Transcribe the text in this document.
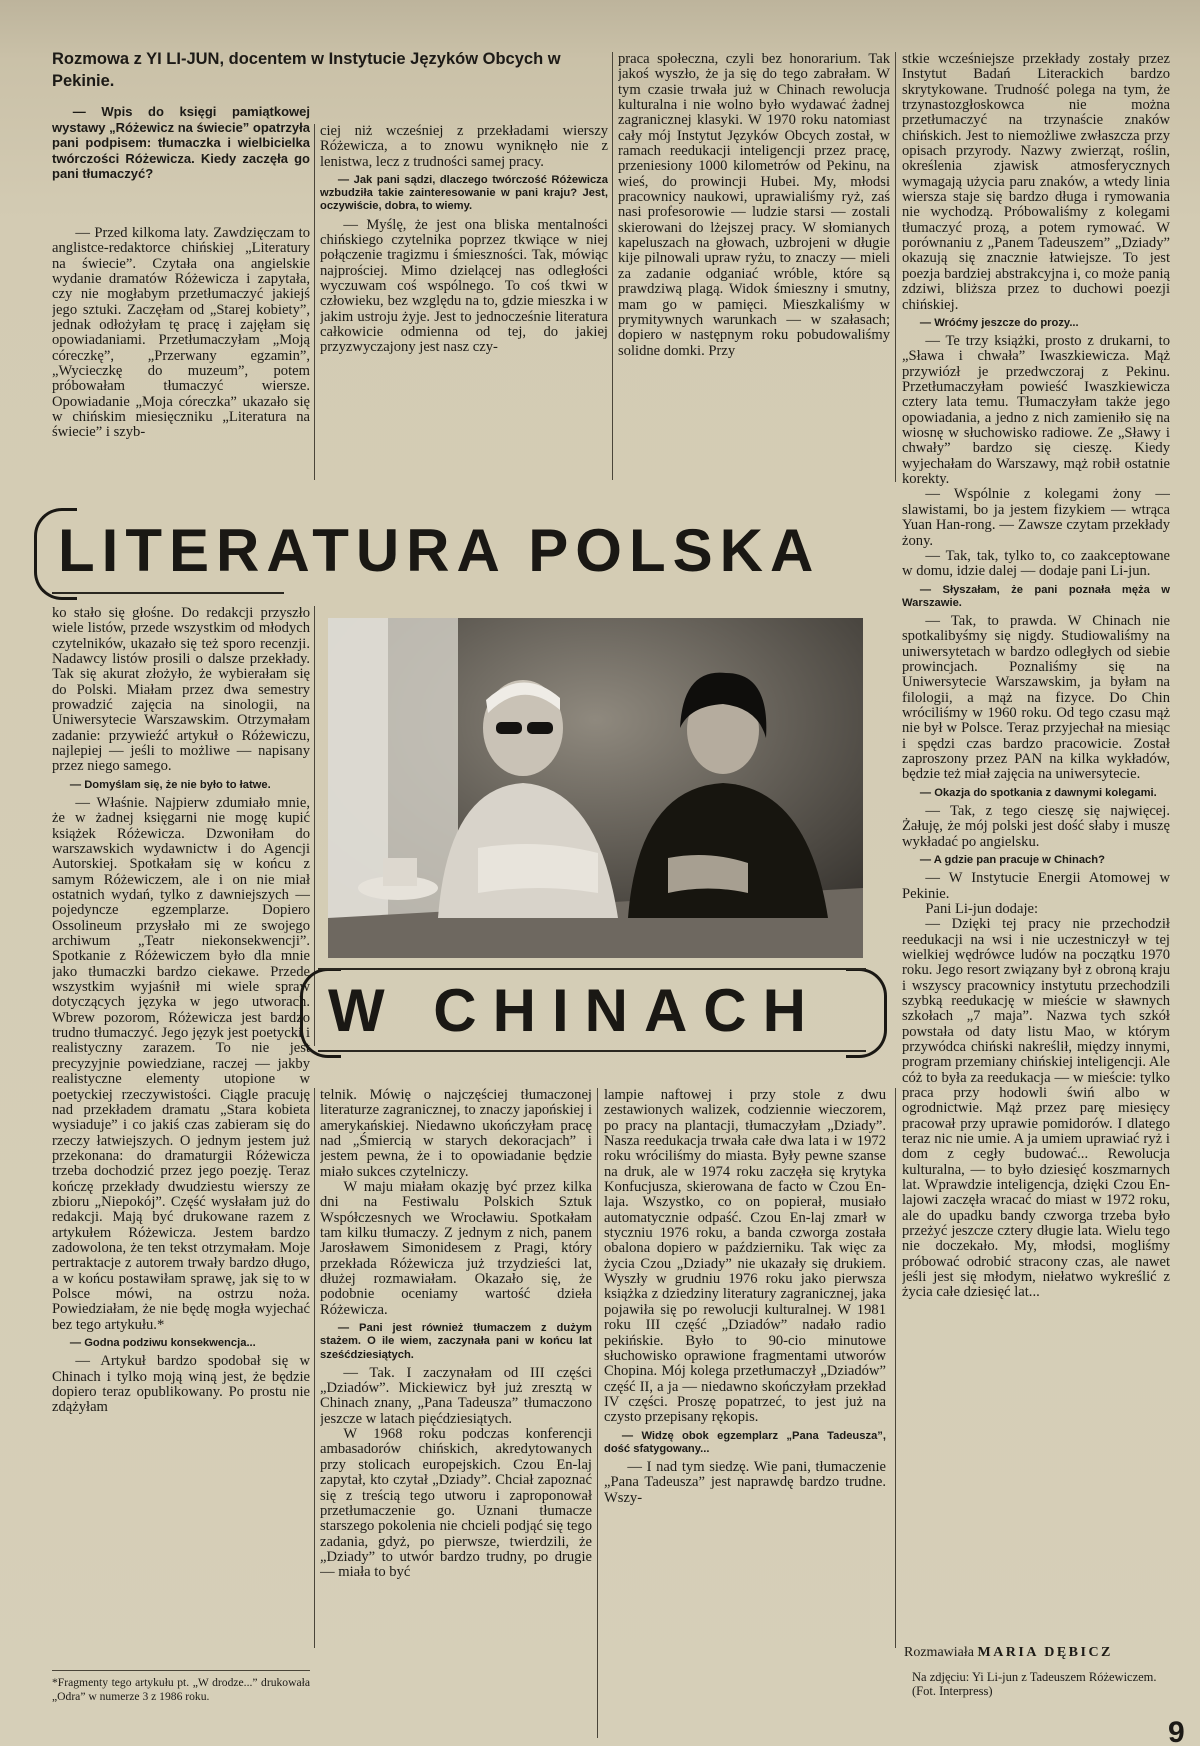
Rozmowa z YI LI-JUN, docentem w Instytucie Języków Obcych w Pekinie.

— Wpis do księgi pamiątkowej wystawy „Różewicz na świecie” opatrzyła pani podpisem: tłumaczka i wielbicielka twórczości Różewicza. Kiedy zaczęła go pani tłumaczyć?

— Przed kilkoma laty. Zawdzięczam to anglistce-redaktorce chińskiej „Literatury na świecie”. Czytała ona angielskie wydanie dramatów Różewicza i zapytała, czy nie mogłabym przetłumaczyć jakiejś jego sztuki. Zaczęłam od „Starej kobiety”, jednak odłożyłam tę pracę i zajęłam się opowiadaniami. Przetłumaczyłam „Moją córeczkę”, „Przerwany egzamin”, „Wycieczkę do muzeum”, potem próbowałam tłumaczyć wiersze. Opowiadanie „Moja córeczka” ukazało się w chińskim miesięczniku „Literatura na świecie” i szyb-

ciej niż wcześniej z przekładami wierszy Różewicza, a to znowu wyniknęło nie z lenistwa, lecz z trudności samej pracy.

— Jak pani sądzi, dlaczego twórczość Różewicza wzbudziła takie zainteresowanie w pani kraju? Jest, oczywiście, dobra, to wiemy.

— Myślę, że jest ona bliska mentalności chińskiego czytelnika poprzez tkwiące w niej połączenie tragizmu i śmieszności. Tak, mówiąc najprościej. Mimo dzielącej nas odległości wyczuwam coś wspólnego. To coś tkwi w człowieku, bez względu na to, gdzie mieszka i w jakim ustroju żyje. Jest to jednocześnie literatura całkowicie odmienna od tej, do jakiej przyzwyczajony jest nasz czy-

praca społeczna, czyli bez honorarium. Tak jakoś wyszło, że ja się do tego zabrałam. W tym czasie trwała już w Chinach rewolucja kulturalna i nie wolno było wydawać żadnej zagranicznej klasyki. W 1970 roku natomiast cały mój Instytut Języków Obcych został, w ramach reedukacji inteligencji przez pracę, przeniesiony 1000 kilometrów od Pekinu, na wieś, do prowincji Hubei. My, młodsi pracownicy naukowi, uprawialiśmy ryż, zaś nasi profesorowie — ludzie starsi — zostali skierowani do lżejszej pracy. W słomianych kapeluszach na głowach, uzbrojeni w długie kije pilnowali upraw ryżu, to znaczy — mieli za zadanie odganiać wróble, które są prawdziwą plagą. Widok śmieszny i smutny, mam go w pamięci. Mieszkaliśmy w prymitywnych warunkach — w szałasach; dopiero w następnym roku pobudowaliśmy solidne domki. Przy

stkie wcześniejsze przekłady zostały przez Instytut Badań Literackich bardzo skrytykowane. Trudność polega na tym, że trzynastozgłoskowca nie można przetłumaczyć na trzynaście znaków chińskich. Jest to niemożliwe zwłaszcza przy opisach przyrody. Nazwy zwierząt, roślin, określenia zjawisk atmosferycznych wymagają użycia paru znaków, a wtedy linia wiersza staje się bardzo długa i rymowania nie wychodzą. Próbowaliśmy z kolegami tłumaczyć prozą, a potem rymować. W porównaniu z „Panem Tadeuszem” „Dziady” okazują się znacznie łatwiejsze. To jest poezja bardziej abstrakcyjna i, co może panią zdziwi, bliższa przez to duchowi poezji chińskiej.

— Wróćmy jeszcze do prozy...

— Te trzy książki, prosto z drukarni, to „Sława i chwała” Iwaszkiewicza. Mąż przywiózł je przedwczoraj z Pekinu. Przetłumaczyłam powieść Iwaszkiewicza cztery lata temu. Tłumaczyłam także jego opowiadania, a jedno z nich zamieniło się na wiosnę w słuchowisko radiowe. Ze „Sławy i chwały” bardzo się cieszę. Kiedy wyjechałam do Warszawy, mąż robił ostatnie korekty.

— Wspólnie z kolegami żony — slawistami, bo ja jestem fizykiem — wtrąca Yuan Han-rong. — Zawsze czytam przekłady żony.

— Tak, tak, tylko to, co zaakceptowane w domu, idzie dalej — dodaje pani Li-jun.

— Słyszałam, że pani poznała męża w Warszawie.

— Tak, to prawda. W Chinach nie spotkalibyśmy się nigdy. Studiowaliśmy na uniwersytetach w bardzo odległych od siebie prowincjach. Poznaliśmy się na Uniwersytecie Warszawskim, ja byłam na filologii, a mąż na fizyce. Do Chin wróciliśmy w 1960 roku. Od tego czasu mąż nie był w Polsce. Teraz przyjechał na miesiąc i spędzi czas bardzo pracowicie. Został zaproszony przez PAN na kilka wykładów, będzie też miał zajęcia na uniwersytecie.

— Okazja do spotkania z dawnymi kolegami.

— Tak, z tego cieszę się najwięcej. Żałuję, że mój polski jest dość słaby i muszę wykładać po angielsku.

— A gdzie pan pracuje w Chinach?

— W Instytucie Energii Atomowej w Pekinie.

Pani Li-jun dodaje:

— Dzięki tej pracy nie przechodził reedukacji na wsi i nie uczestniczył w tej wielkiej wędrówce ludów na początku 1970 roku. Jego resort związany był z obroną kraju i wszyscy pracownicy instytutu przechodzili szybką reedukację w mieście w sławnych szkołach „7 maja”. Nazwa tych szkół powstała od daty listu Mao, w którym przywódca chiński nakreślił, między innymi, program przemiany chińskiej inteligencji. Ale cóż to była za reedukacja — w mieście: tylko praca przy hodowli świń albo w ogrodnictwie. Mąż przez parę miesięcy pracował przy uprawie pomidorów. I dlatego teraz nic nie umie. A ja umiem uprawiać ryż i dom z cegły budować... Rewolucja kulturalna, — to było dziesięć koszmarnych lat. Wprawdzie inteligencja, dzięki Czou En-lajowi zaczęła wracać do miast w 1972 roku, ale do upadku bandy czworga trzeba było przeżyć jeszcze cztery długie lata. Wielu tego nie doczekało. My, młodsi, mogliśmy próbować odrobić stracony czas, ale nawet jeśli jest się młodym, niełatwo wykreślić z życia całe dziesięć lat...

ko stało się głośne. Do redakcji przyszło wiele listów, przede wszystkim od młodych czytelników, ukazało się też sporo recenzji. Nadawcy listów prosili o dalsze przekłady. Tak się akurat złożyło, że wybierałam się do Polski. Miałam przez dwa semestry prowadzić zajęcia na sinologii, na Uniwersytecie Warszawskim. Otrzymałam zadanie: przywieźć artykuł o Różewiczu, najlepiej — jeśli to możliwe — napisany przez niego samego.

— Domyślam się, że nie było to łatwe.

— Właśnie. Najpierw zdumiało mnie, że w żadnej księgarni nie mogę kupić książek Różewicza. Dzwoniłam do warszawskich wydawnictw i do Agencji Autorskiej. Spotkałam się w końcu z samym Różewiczem, ale i on nie miał ostatnich wydań, tylko z dawniejszych — pojedyncze egzemplarze. Dopiero Ossolineum przysłało mi ze swojego archiwum „Teatr niekonsekwencji”. Spotkanie z Różewiczem było dla mnie jako tłumaczki bardzo ciekawe. Przede wszystkim wyjaśnił mi wiele spraw dotyczących języka w jego utworach. Wbrew pozorom, Różewicza jest bardzo trudno tłumaczyć. Jego język jest poetycki i realistyczny zarazem. To nie jest precyzyjnie powiedziane, raczej — jakby realistyczne elementy utopione w poetyckiej rzeczywistości. Ciągle pracuję nad przekładem dramatu „Stara kobieta wysiaduje” i co jakiś czas zabieram się do rzeczy łatwiejszych. O jednym jestem już przekonana: do dramaturgii Różewicza trzeba dochodzić przez jego poezję. Teraz kończę przekłady dwudziestu wierszy ze zbioru „Niepokój”. Część wysłałam już do redakcji. Mają być drukowane razem z artykułem Różewicza. Jestem bardzo zadowolona, że ten tekst otrzymałam. Moje pertraktacje z autorem trwały bardzo długo, a w końcu postawiłam sprawę, jak się to w Polsce mówi, na ostrzu noża. Powiedziałam, że nie będę mogła wyjechać bez tego artykułu.*

— Godna podziwu konsekwencja...

— Artykuł bardzo spodobał się w Chinach i tylko moją winą jest, że będzie dopiero teraz opublikowany. Po prostu nie zdążyłam

telnik. Mówię o najczęściej tłumaczonej literaturze zagranicznej, to znaczy japońskiej i amerykańskiej. Niedawno ukończyłam pracę nad „Śmiercią w starych dekoracjach” i jestem pewna, że i to opowiadanie będzie miało sukces czytelniczy.

W maju miałam okazję być przez kilka dni na Festiwalu Polskich Sztuk Współczesnych we Wrocławiu. Spotkałam tam kilku tłumaczy. Z jednym z nich, panem Jarosławem Simonidesem z Pragi, który przekłada Różewicza już trzydzieści lat, dłużej rozmawiałam. Okazało się, że podobnie oceniamy wartość dzieła Różewicza.

— Pani jest również tłumaczem z dużym stażem. O ile wiem, zaczynała pani w końcu lat sześćdziesiątych.

— Tak. I zaczynałam od III części „Dziadów”. Mickiewicz był już zresztą w Chinach znany, „Pana Tadeusza” tłumaczono jeszcze w latach pięćdziesiątych.

W 1968 roku podczas konferencji ambasadorów chińskich, akredytowanych przy stolicach europejskich. Czou En-laj zapytał, kto czytał „Dziady”. Chciał zapoznać się z treścią tego utworu i zaproponował przetłumaczenie go. Uznani tłumacze starszego pokolenia nie chcieli podjąć się tego zadania, gdyż, po pierwsze, twierdzili, że „Dziady” to utwór bardzo trudny, po drugie — miała to być

lampie naftowej i przy stole z dwu zestawionych walizek, codziennie wieczorem, po pracy na plantacji, tłumaczyłam „Dziady”. Nasza reedukacja trwała całe dwa lata i w 1972 roku wróciliśmy do miasta. Były pewne szanse na druk, ale w 1974 roku zaczęła się krytyka Konfucjusza, skierowana de facto w Czou En-laja. Wszystko, co on popierał, musiało automatycznie odpaść. Czou En-laj zmarł w styczniu 1976 roku, a banda czworga została obalona dopiero w październiku. Tak więc za życia Czou „Dziady” nie ukazały się drukiem. Wyszły w grudniu 1976 roku jako pierwsza książka z dziedziny literatury zagranicznej, jaka pojawiła się po rewolucji kulturalnej. W 1981 roku III część „Dziadów” nadało radio pekińskie. Było to 90-cio minutowe słuchowisko oprawione fragmentami utworów Chopina. Mój kolega przetłumaczył „Dziadów” część II, a ja — niedawno skończyłam przekład IV części. Proszę popatrzeć, to jest już na czysto przepisany rękopis.

— Widzę obok egzemplarz „Pana Tadeusza”, dość sfatygowany...

— I nad tym siedzę. Wie pani, tłumaczenie „Pana Tadeusza” jest naprawdę bardzo trudne. Wszy-

LITERATURA POLSKA
W CHINACH
*Fragmenty tego artykułu pt. „W drodze...” drukowała „Odra” w numerze 3 z 1986 roku.
Rozmawiała MARIA DĘBICZ
Na zdjęciu: Yi Li-jun z Tadeuszem Różewiczem. (Fot. Interpress)
9
